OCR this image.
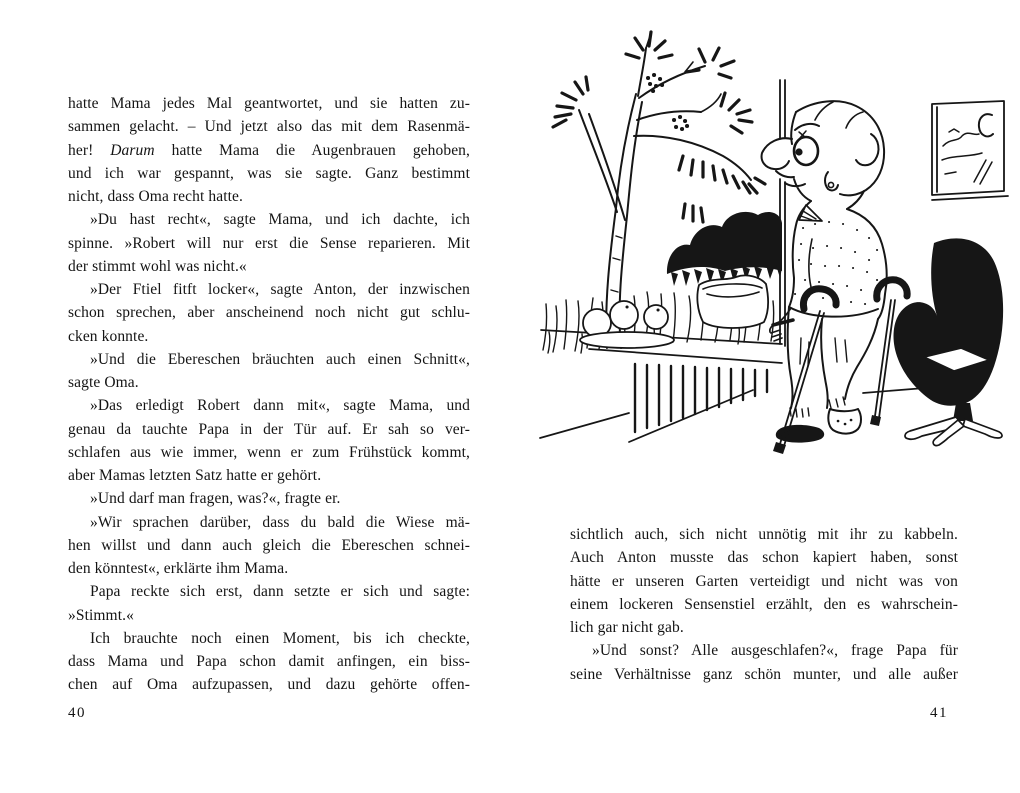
hatte Mama jedes Mal geantwortet, und sie hatten zu-
sammen gelacht. – Und jetzt also das mit dem Rasenmä-
her! Darum hatte Mama die Augenbrauen gehoben,
und ich war gespannt, was sie sagte. Ganz bestimmt
nicht, dass Oma recht hatte.
»Du hast recht«, sagte Mama, und ich dachte, ich
spinne. »Robert will nur erst die Sense reparieren. Mit
der stimmt wohl was nicht.«
»Der Ftiel fitft locker«, sagte Anton, der inzwischen
schon sprechen, aber anscheinend noch nicht gut schlu-
cken konnte.
»Und die Ebereschen bräuchten auch einen Schnitt«,
sagte Oma.
»Das erledigt Robert dann mit«, sagte Mama, und
genau da tauchte Papa in der Tür auf. Er sah so ver-
schlafen aus wie immer, wenn er zum Frühstück kommt,
aber Mamas letzten Satz hatte er gehört.
»Und darf man fragen, was?«, fragte er.
»Wir sprachen darüber, dass du bald die Wiese mä-
hen willst und dann auch gleich die Ebereschen schnei-
den könntest«, erklärte ihm Mama.
Papa reckte sich erst, dann setzte er sich und sagte:
»Stimmt.«
Ich brauchte noch einen Moment, bis ich checkte,
dass Mama und Papa schon damit anfingen, ein biss-
chen auf Oma aufzupassen, und dazu gehörte offen-
40
sichtlich auch, sich nicht unnötig mit ihr zu kabbeln.
Auch Anton musste das schon kapiert haben, sonst
hätte er unseren Garten verteidigt und nicht was von
einem lockeren Sensenstiel erzählt, den es wahrschein-
lich gar nicht gab.
»Und sonst? Alle ausgeschlafen?«, frage Papa für
seine Verhältnisse ganz schön munter, und alle außer
41
